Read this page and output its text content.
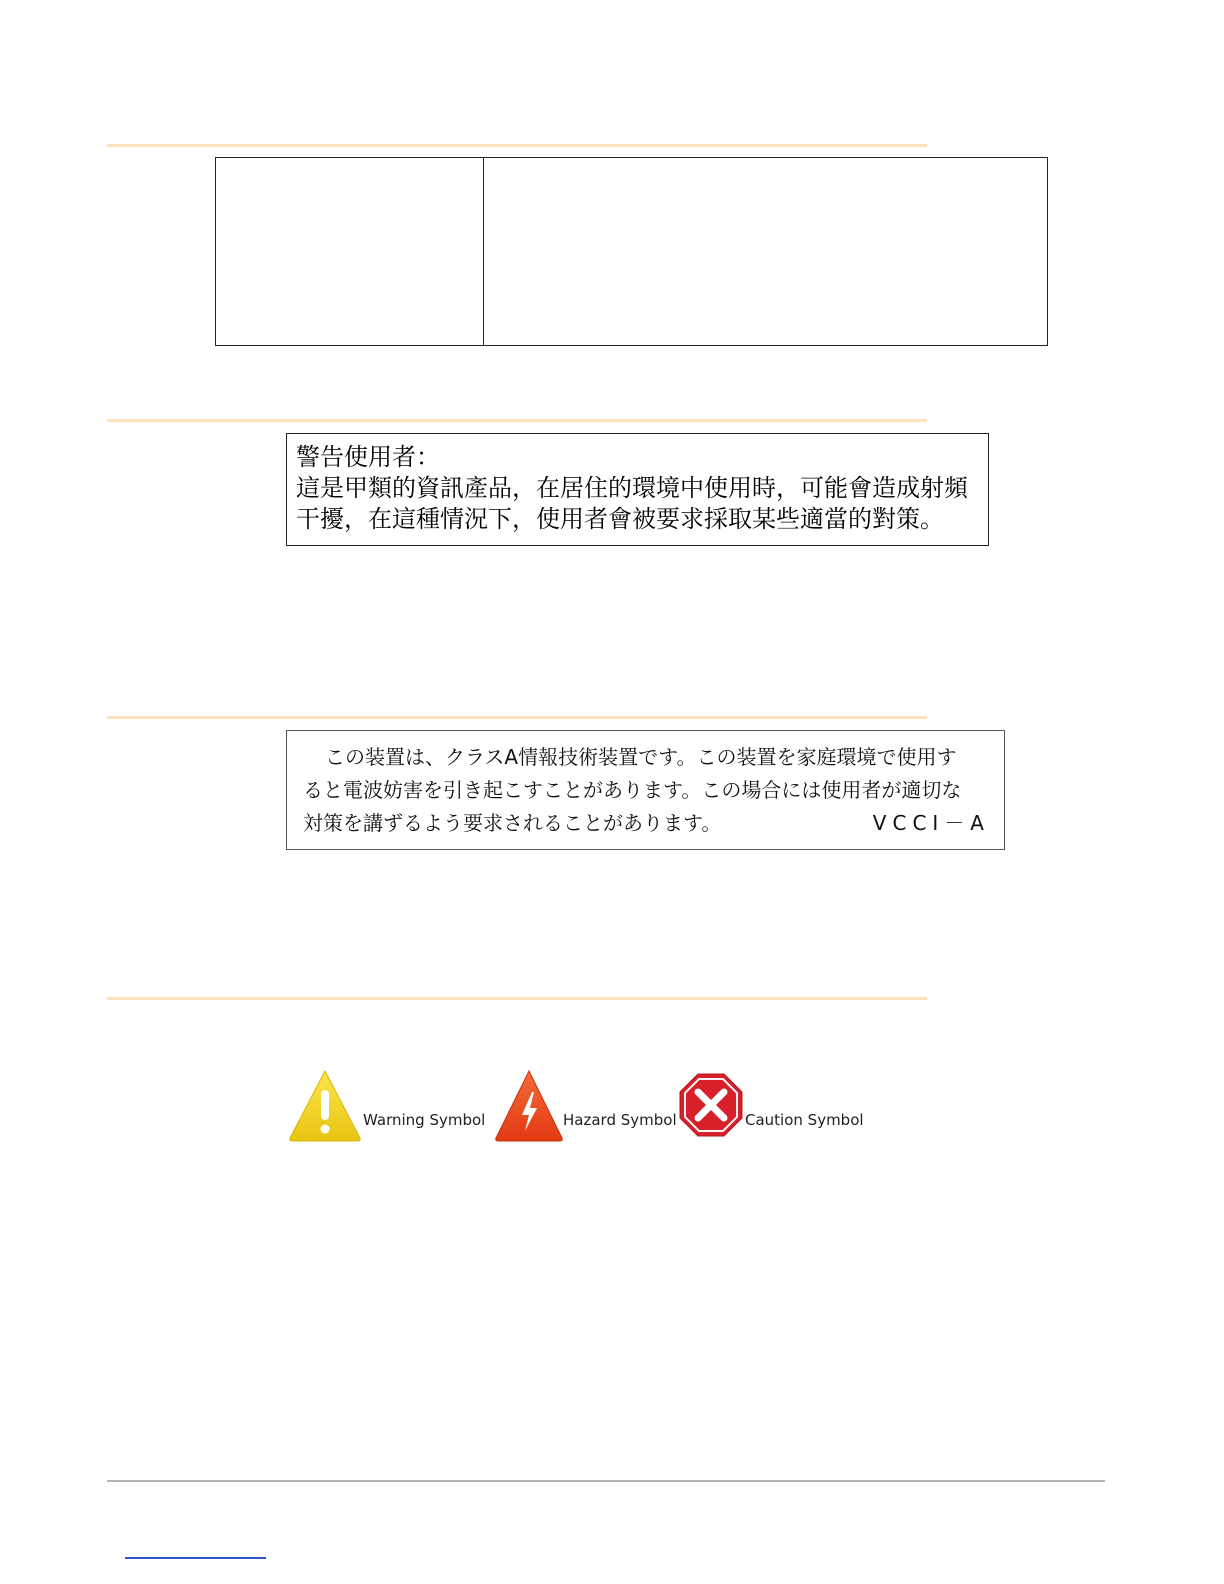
警告使用者：
這是甲類的資訊產品，在居住的環境中使用時，可能會造成射頻
干擾，在這種情況下，使用者會被要求採取某些適當的對策。
この装置は、クラスA情報技術装置です。この装置を家庭環境で使用す
ると電波妨害を引き起こすことがあります。この場合には使用者が適切な
対策を講ずるよう要求されることがあります。	VCCI－A
Warning Symbol	Hazard Symbol	Caution Symbol
